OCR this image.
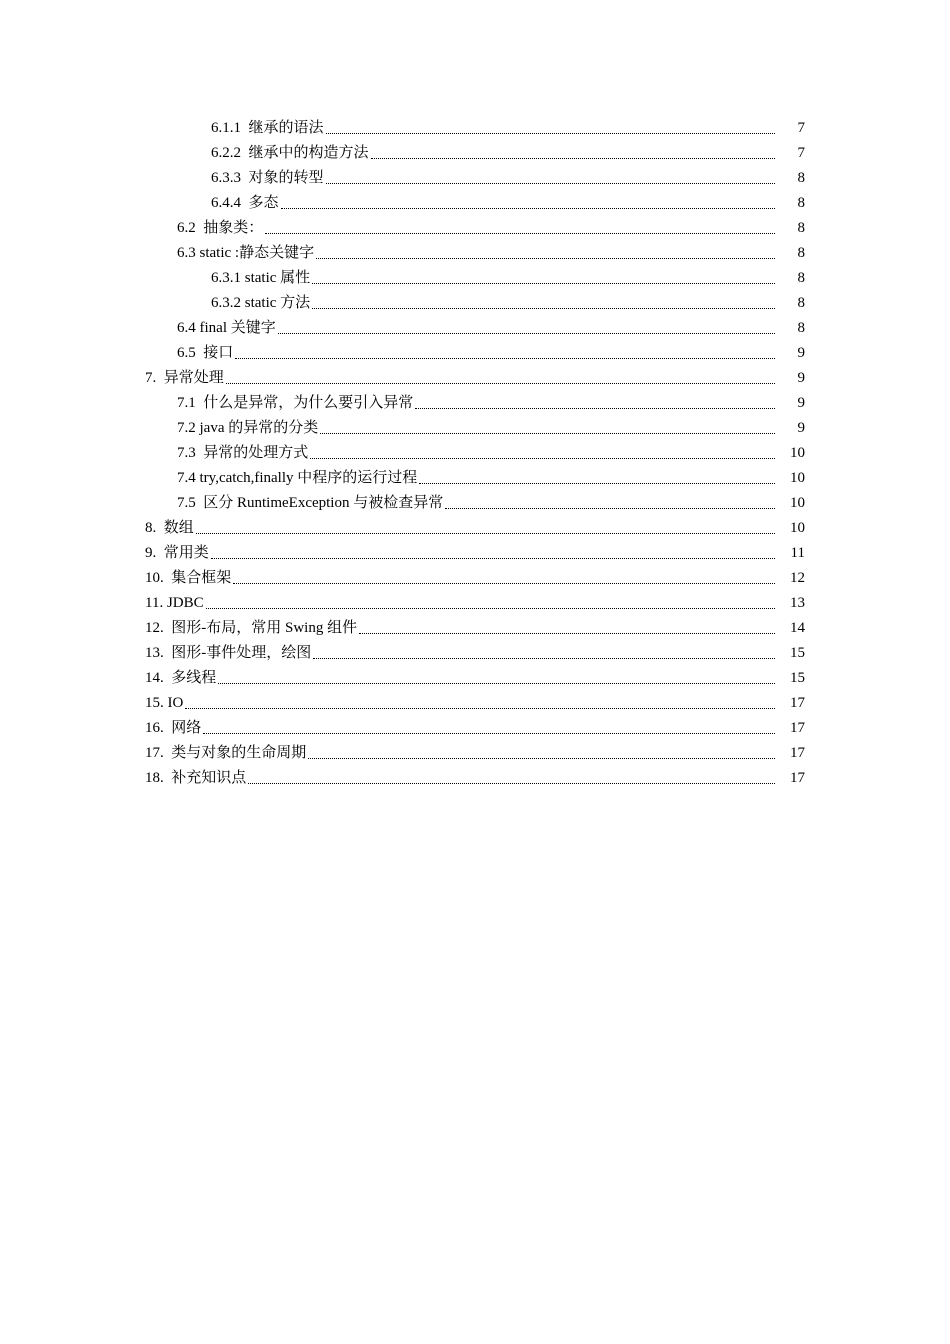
6.1.1  继承的语法	7
6.2.2  继承中的构造方法	7
6.3.3  对象的转型	8
6.4.4  多态	8
6.2  抽象类：	8
6.3 static :静态关键字	8
6.3.1 static 属性	8
6.3.2 static 方法	8
6.4 final 关键字	8
6.5  接口	9
7.  异常处理	9
7.1  什么是异常，为什么要引入异常	9
7.2 java 的异常的分类	9
7.3  异常的处理方式	10
7.4 try,catch,finally 中程序的运行过程	10
7.5  区分 RuntimeException 与被检查异常	10
8.  数组	10
9.  常用类	11
10.  集合框架	12
11. JDBC	13
12.  图形-布局，常用 Swing 组件	14
13.  图形-事件处理，绘图	15
14.  多线程	15
15. IO	17
16.  网络	17
17.  类与对象的生命周期	17
18.  补充知识点	17
